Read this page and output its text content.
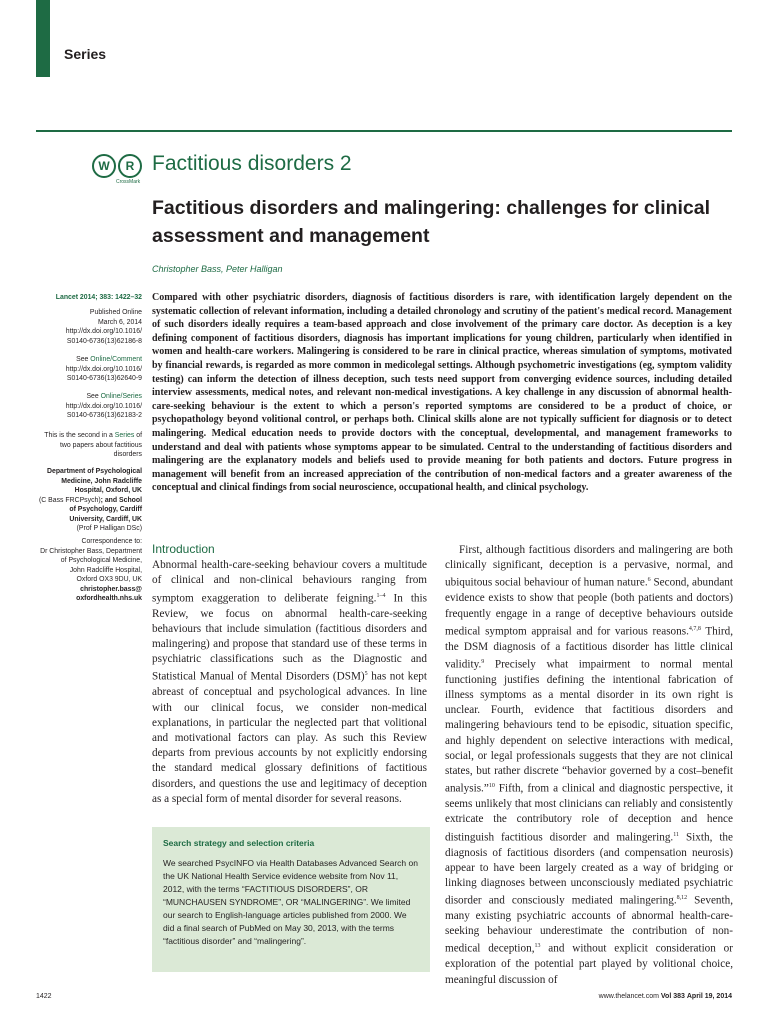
Series
W	R
CrossMark
Factitious disorders 2
Factitious disorders and malingering: challenges for clinical assessment and management
Christopher Bass, Peter Halligan
Lancet 2014; 383: 1422–32
Published Online
March 6, 2014
http://dx.doi.org/10.1016/
S0140-6736(13)62186-8
See Online/Comment
http://dx.doi.org/10.1016/
S0140-6736(13)62640-9
See Online/Series
http://dx.doi.org/10.1016/
S0140-6736(13)62183-2
This is the second in a Series of
two papers about factitious
disorders
Department of Psychological
Medicine, John Radcliffe
Hospital, Oxford, UK
(C Bass FRCPsych); and School
of Psychology, Cardiff
University, Cardiff, UK
(Prof P Halligan DSc)
Correspondence to:
Dr Christopher Bass, Department
of Psychological Medicine,
John Radcliffe Hospital,
Oxford OX3 9DU, UK
christopher.bass@
oxfordhealth.nhs.uk
Compared with other psychiatric disorders, diagnosis of factitious disorders is rare, with identification largely dependent on the systematic collection of relevant information, including a detailed chronology and scrutiny of the patient's medical record. Management of such disorders ideally requires a team-based approach and close involvement of the primary care doctor. As deception is a key defining component of factitious disorders, diagnosis has important implications for young children, particularly when identified in women and health-care workers. Malingering is considered to be rare in clinical practice, whereas simulation of symptoms, motivated by financial rewards, is regarded as more common in medicolegal settings. Although psychometric investigations (eg, symptom validity testing) can inform the detection of illness deception, such tests need support from converging evidence sources, including detailed interview assessments, medical notes, and relevant non-medical investigations. A key challenge in any discussion of abnormal health-care-seeking behaviour is the extent to which a person's reported symptoms are considered to be a product of choice, or psychopathology beyond volitional control, or perhaps both. Clinical skills alone are not typically sufficient for diagnosis or to detect malingering. Medical education needs to provide doctors with the conceptual, developmental, and management frameworks to understand and deal with patients whose symptoms appear to be simulated. Central to the understanding of factitious disorders and malingering are the explanatory models and beliefs used to provide meaning for both patients and doctors. Future progress in management will benefit from an increased appreciation of the contribution of non-medical factors and a greater awareness of the conceptual and clinical findings from social neuroscience, occupational health, and clinical psychology.
Introduction

Abnormal health-care-seeking behaviour covers a multitude of clinical and non-clinical behaviours ranging from symptom exaggeration to deliberate feigning.$^{1-4}$ In this Review, we focus on abnormal health-care-seeking behaviours that include simulation (factitious disorders and malingering) and propose that standard use of these terms in psychiatric classifications such as the Diagnostic and Statistical Manual of Mental Disorders (DSM)$^5$ has not kept abreast of conceptual and psychological advances. In line with our clinical focus, we consider non-medical explanations, in particular the neglected part that volitional and motivational factors can play. As such this Review departs from previous accounts by not explicitly endorsing the standard medical glossary definitions of factitious disorders, and questions the use and legitimacy of deception as a special form of mental disorder for several reasons.

Search strategy and selection criteria
We searched PsycINFO via Health Databases Advanced Search on the UK National Health Service evidence website from Nov 11, 2012, with the terms “FACTITIOUS DISORDERS”, OR “MUNCHAUSEN SYNDROME”, OR “MALINGERING”. We limited our search to English-language articles published from 2000. We did a final search of PubMed on May 30, 2013, with the terms “factitious disorder” and “malingering”.

First, although factitious disorders and malingering are both clinically significant, deception is a pervasive, normal, and ubiquitous social behaviour of human nature.$^6$ Second, abundant evidence exists to show that people (both patients and doctors) frequently engage in a range of deceptive behaviours outside medical symptom appraisal and for various reasons.$^{4,7,8}$ Third, the DSM diagnosis of a factitious disorder has little clinical validity.$^9$ Precisely what impairment to normal mental functioning justifies defining the intentional fabrication of illness symptoms as a mental disorder in its own right is unclear. Fourth, evidence that factitious disorders and malingering behaviours tend to be episodic, situation specific, and highly dependent on selective interactions with medical, social, or legal professionals suggests that they are not clinical states, but rather discrete “behavior governed by a cost–benefit analysis.”$^{10}$ Fifth, from a clinical and diagnostic perspective, it seems unlikely that most clinicians can reliably and consistently extricate the contributory role of deception and hence distinguish factitious disorder and malingering.$^{11}$ Sixth, the diagnosis of factitious disorders (and compensation neurosis) appear to have been largely created as a way of bridging or linking diagnoses between unconsciously mediated psychiatric disorder and consciously mediated malingering.$^{8,12}$ Seventh, many existing psychiatric accounts of abnormal health-care-seeking behaviour underestimate the contribution of non-medical deception,$^{13}$ and without explicit consideration or exploration of the potential part played by volitional choice, meaningful discussion of

1422	www.thelancet.com Vol 383 April 19, 2014
